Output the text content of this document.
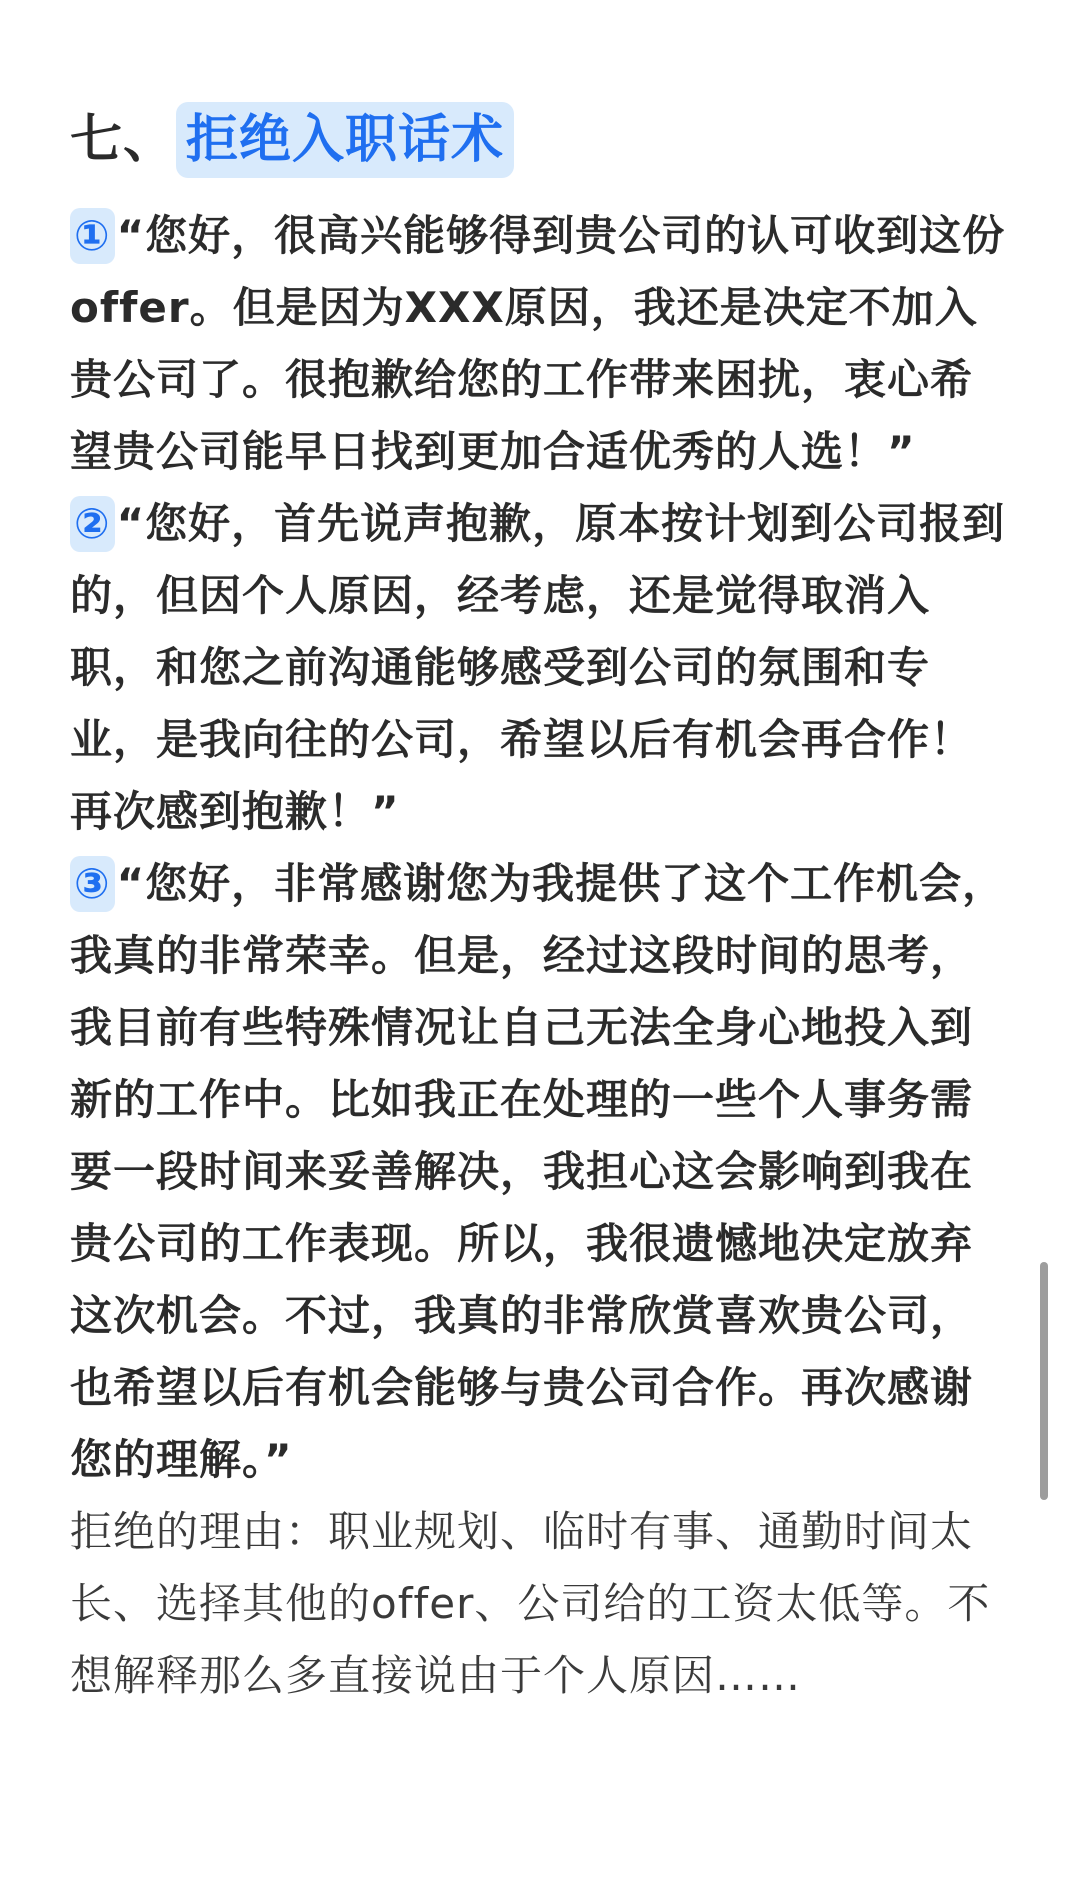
七、 拒绝入职话术

① “您好，很高兴能够得到贵公司的认可收到这份offer。但是因为XXX原因，我还是决定不加入贵公司了。很抱歉给您的工作带来困扰，衷心希望贵公司能早日找到更加合适优秀的人选！”

② “您好，首先说声抱歉，原本按计划到公司报到的，但因个人原因，经考虑，还是觉得取消入职，和您之前沟通能够感受到公司的氛围和专业，是我向往的公司，希望以后有机会再合作！再次感到抱歉！”

③ “您好，非常感谢您为我提供了这个工作机会，我真的非常荣幸。但是，经过这段时间的思考，我目前有些特殊情况让自己无法全身心地投入到新的工作中。比如我正在处理的一些个人事务需要一段时间来妥善解决，我担心这会影响到我在贵公司的工作表现。所以，我很遗憾地决定放弃这次机会。不过，我真的非常欣赏喜欢贵公司，也希望以后有机会能够与贵公司合作。再次感谢您的理解。”

拒绝的理由：职业规划、临时有事、通勤时间太长、选择其他的offer、公司给的工资太低等。不想解释那么多直接说由于个人原因……
